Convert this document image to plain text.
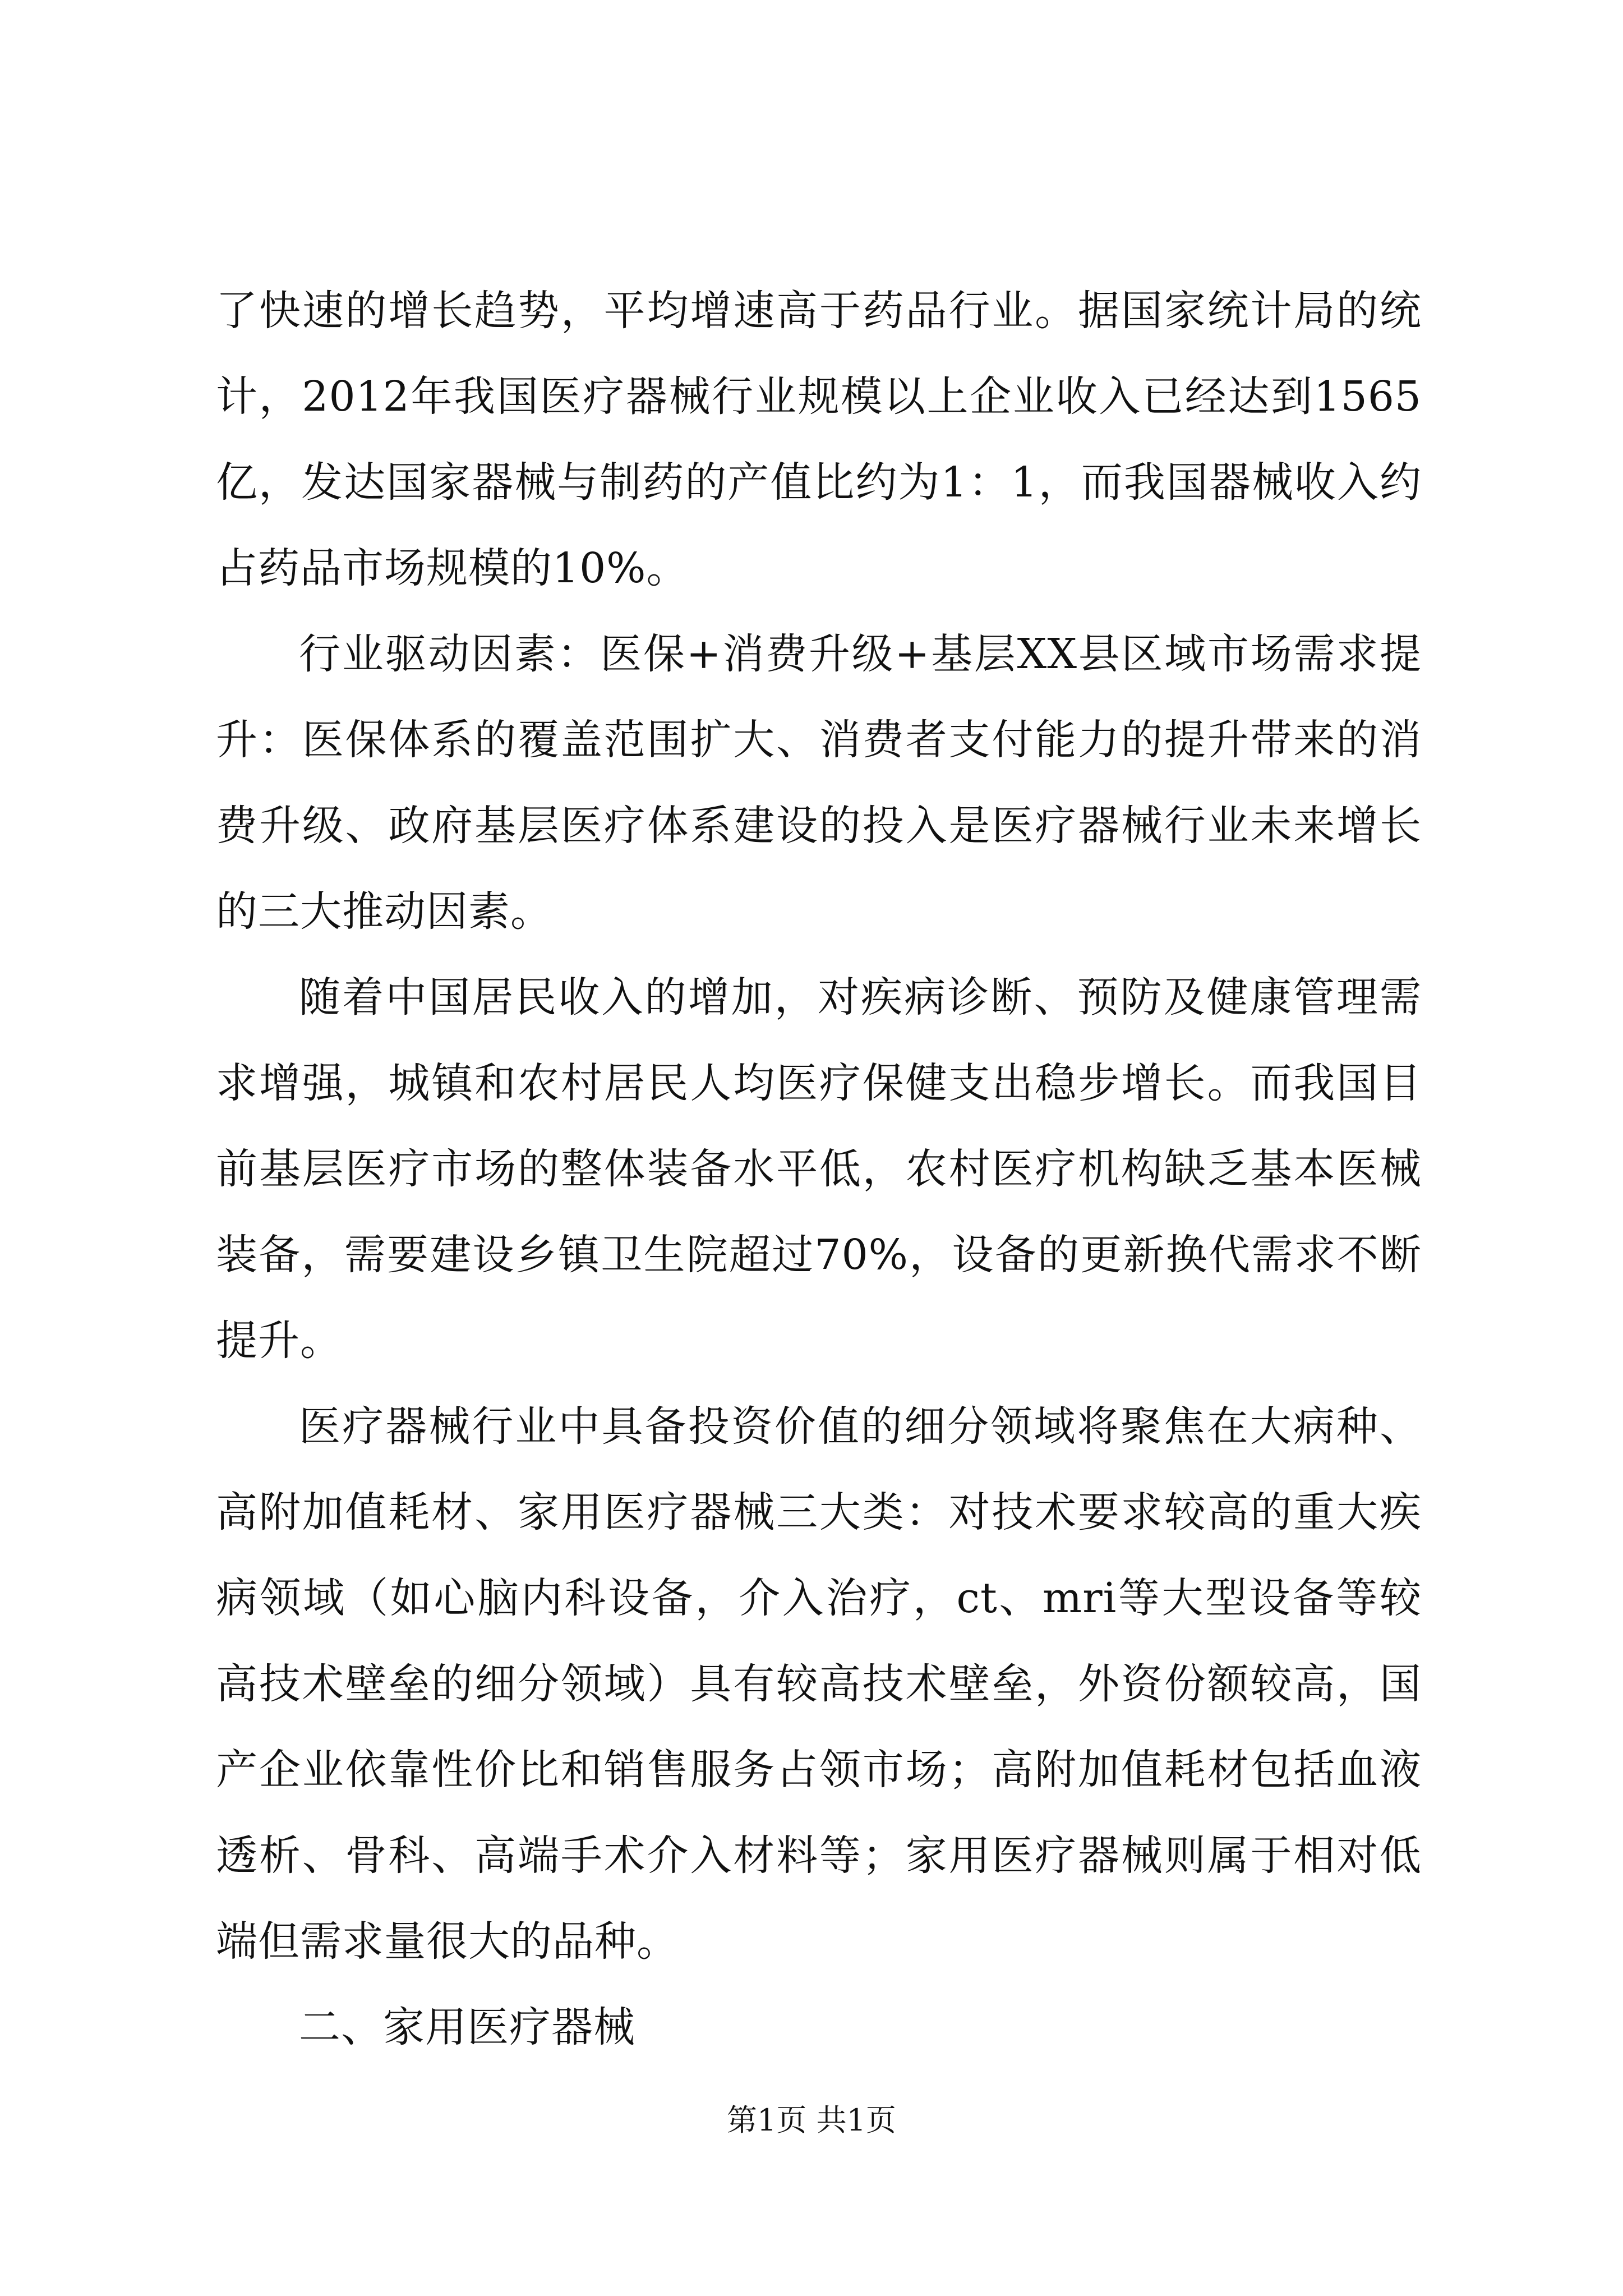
了快速的增长趋势，平均增速高于药品行业。据国家统计局的统计，2012年我国医疗器械行业规模以上企业收入已经达到1565亿，发达国家器械与制药的产值比约为1：1，而我国器械收入约占药品市场规模的10%。

行业驱动因素：医保+消费升级+基层XX县区域市场需求提升：医保体系的覆盖范围扩大、消费者支付能力的提升带来的消费升级、政府基层医疗体系建设的投入是医疗器械行业未来增长的三大推动因素。

随着中国居民收入的增加，对疾病诊断、预防及健康管理需求增强，城镇和农村居民人均医疗保健支出稳步增长。而我国目前基层医疗市场的整体装备水平低，农村医疗机构缺乏基本医械装备，需要建设乡镇卫生院超过70%，设备的更新换代需求不断提升。

医疗器械行业中具备投资价值的细分领域将聚焦在大病种、高附加值耗材、家用医疗器械三大类：对技术要求较高的重大疾病领域（如心脑内科设备，介入治疗，ct、mri等大型设备等较高技术壁垒的细分领域）具有较高技术壁垒，外资份额较高，国产企业依靠性价比和销售服务占领市场；高附加值耗材包括血液透析、骨科、高端手术介入材料等；家用医疗器械则属于相对低端但需求量很大的品种。

二、家用医疗器械

第1页 共1页
